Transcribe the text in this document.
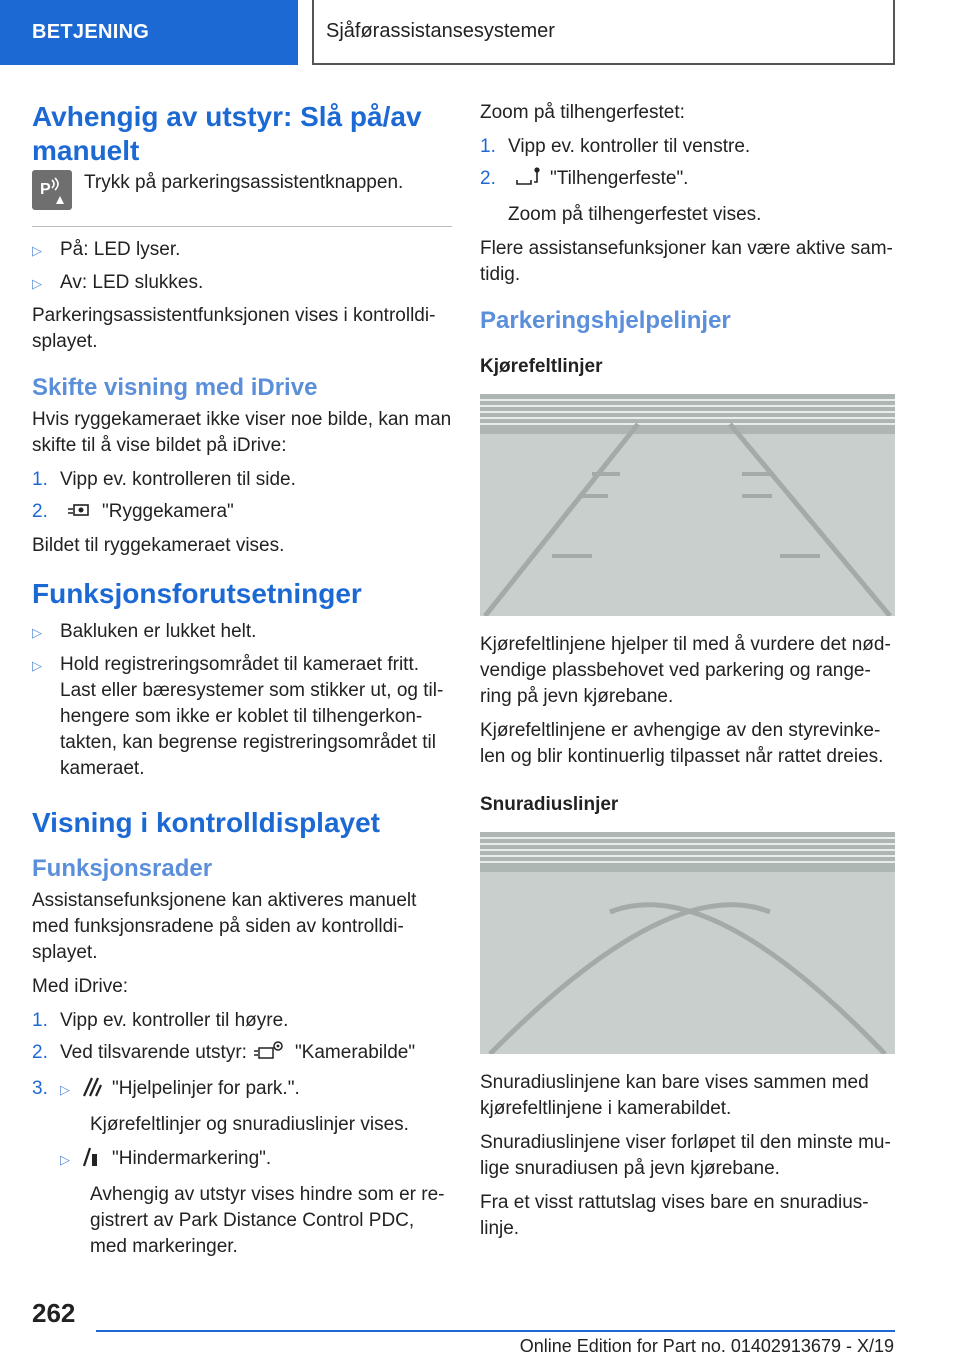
BETJENING	Sjåførassistansesystemer
Avhengig av utstyr: Slå på/av manuelt
P Trykk på parkeringsassistentknappen.
▷ På: LED lyser.
▷ Av: LED slukkes.
Parkeringsassistentfunksjonen vises i kontrolldi- splayet.
Skifte visning med iDrive
Hvis ryggekameraet ikke viser noe bilde, kan man skifte til å vise bildet på iDrive:
1. Vipp ev. kontrolleren til side.
2.	"Ryggekamera"
Bildet til ryggekameraet vises.
Funksjonsforutsetninger
▷ Bakluken er lukket helt.
▷ Hold registreringsområdet til kameraet fritt. Last eller bæresystemer som stikker ut, og til- hengere som ikke er koblet til tilhengerkon- takten, kan begrense registreringsområdet til kameraet.
Visning i kontrolldisplayet
Funksjonsrader
Assistansefunksjonene kan aktiveres manuelt med funksjonsradene på siden av kontrolldi- splayet.
Med iDrive:
1. Vipp ev. kontroller til høyre.
2. Ved tilsvarende utstyr:	"Kamerabilde"
3. ▷	"Hjelpelinjer for park.".
Kjørefeltlinjer og snuradiuslinjer vises.
▷	"Hindermarkering".
Avhengig av utstyr vises hindre som er re- gistrert av Park Distance Control PDC, med markeringer.
Zoom på tilhengerfestet:
1. Vipp ev. kontroller til venstre.
2.	"Tilhengerfeste".
Zoom på tilhengerfestet vises.
Flere assistansefunksjoner kan være aktive sam- tidig.
Parkeringshjelpelinjer
Kjørefeltlinjer
Kjørefeltlinjene hjelper til med å vurdere det nød- vendige plassbehovet ved parkering og range- ring på jevn kjørebane.
Kjørefeltlinjene er avhengige av den styrevinke- len og blir kontinuerlig tilpasset når rattet dreies.
Snuradiuslinjer
Snuradiuslinjene kan bare vises sammen med kjørefeltlinjene i kamerabildet.
Snuradiuslinjene viser forløpet til den minste mu- lige snuradiusen på jevn kjørebane.
Fra et visst rattutslag vises bare en snuradius- linje.
262
Online Edition for Part no. 01402913679 - X/19
